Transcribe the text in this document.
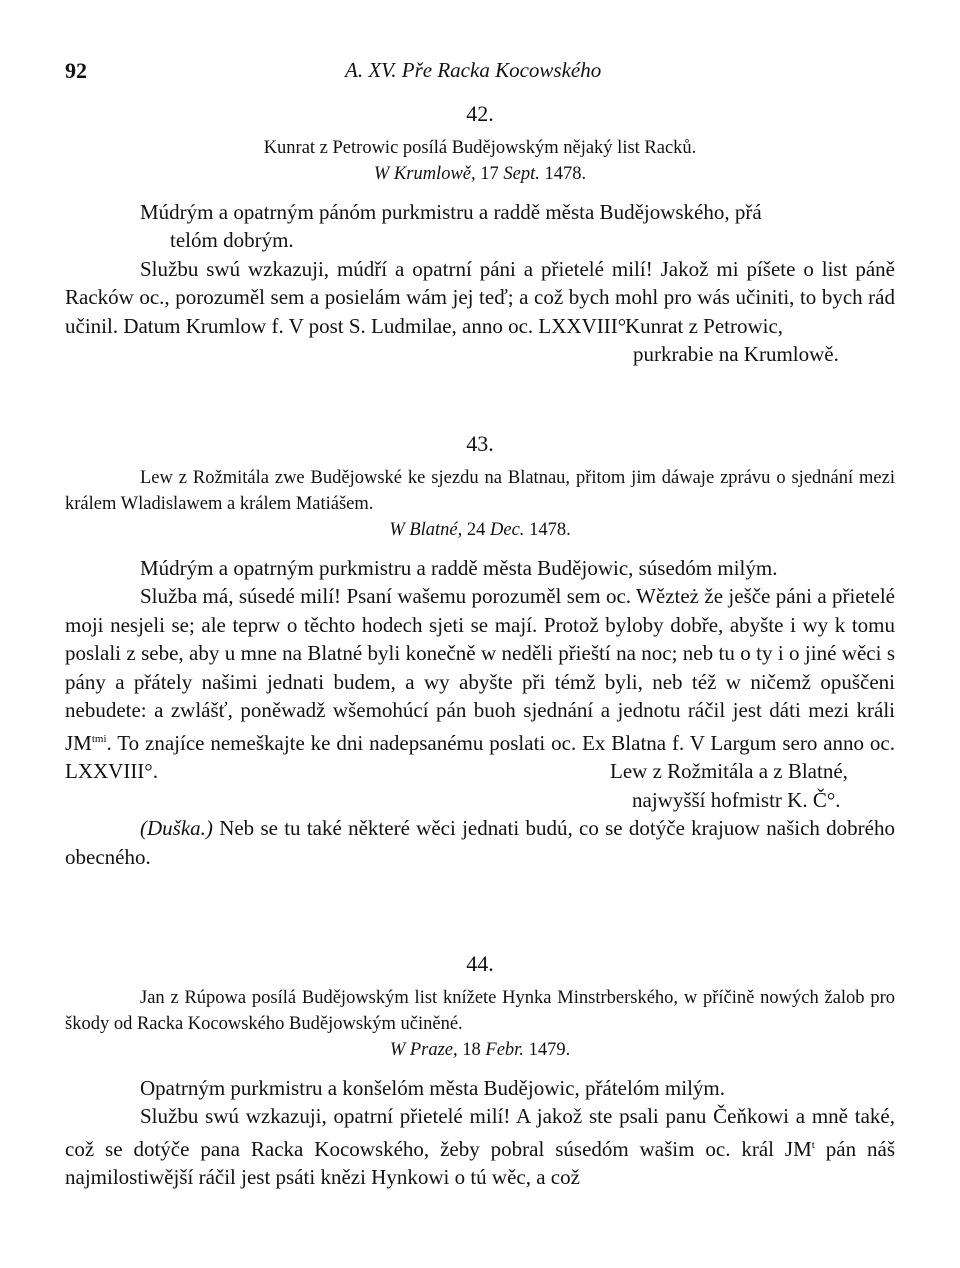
92	A. XV. Pře Racka Kocowského
42.
Kunrat z Petrowic posílá Budějowským nějaký list Racků.
W Krumlowě, 17 Sept. 1478.

Múdrým a opatrným pánóm purkmistru a raddě města Budějowského, přá

telóm dobrým.

Službu swú wzkazuji, múdří a opatrní páni a přietelé milí! Jakož mi píšete o list páně Racków oc., porozuměl sem a posielám wám jej teď; a což bych mohl pro wás učiniti, to bych rád učinil. Datum Krumlow f. V post S. Ludmilae, anno oc. LXXVIII°.

Kunrat z Petrowic,
purkrabie na Krumlowě.
43.
Lew z Rožmitála zwe Budějowské ke sjezdu na Blatnau, přitom jim dáwaje zprávu o sjednání mezi králem Wladislawem a králem Matiášem.
W Blatné, 24 Dec. 1478.

Múdrým a opatrným purkmistru a raddě města Budějowic, súsedóm milým.

Služba má, súsedé milí! Psaní wašemu porozuměl sem oc. Wězteż že ješče páni a přietelé moji nesjeli se; ale teprw o těchto hodech sjeti se mají. Protož byloby dobře, abyšte i wy k tomu poslali z sebe, aby u mne na Blatné byli konečně w neděli přieští na noc; neb tu o ty i o jiné wěci s pány a přátely našimi jednati budem, a wy abyšte při témž byli, neb též w ničemž opuščeni nebudete: a zwlášť, poněwadž wšemohúcí pán buoh sjednání a jednotu ráčil jest dáti mezi králi $JM^{tmi}$. To znajíce nemeškajte ke dni nadepsanému poslati oc. Ex Blatna f. V Largum sero anno oc. LXXVIII°.	Lew z Rožmitála a z Blatné,
najwyšší hofmistr K. Č°.

(Duška.) Neb se tu také některé wěci jednati budú, co se dotýče krajuow našich dobrého obecného.

44.
Jan z Rúpowa posílá Budějowským list knížete Hynka Minstrberského, w příčině nowých žalob pro škody od Racka Kocowského Budějowským učiněné.
W Praze, 18 Febr. 1479.

Opatrným purkmistru a konšelóm města Budějowic, přátelóm milým.

Službu swú wzkazuji, opatrní přietelé milí! A jakož ste psali panu Čeňkowi a mně také, což se dotýče pana Racka Kocowského, žeby pobral súsedóm wašim oc. král $JM^t$ pán náš najmilostiwější ráčil jest psáti knězi Hynkowi o tú wěc, a což
